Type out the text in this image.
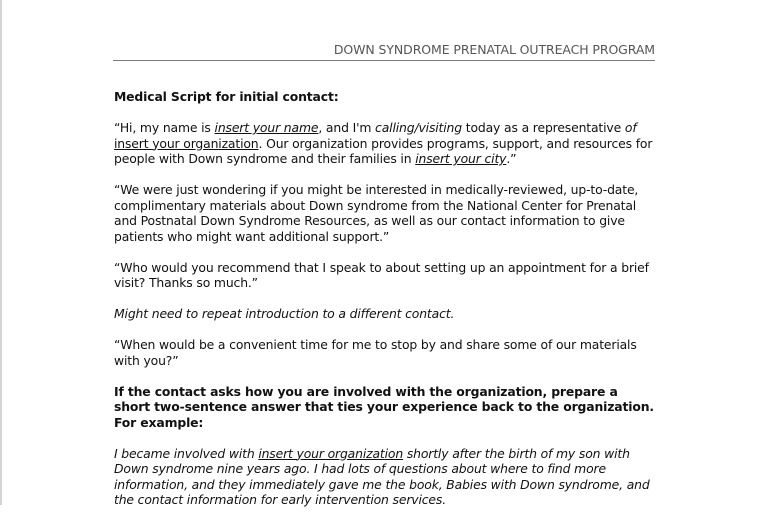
DOWN SYNDROME PRENATAL OUTREACH PROGRAM

Medical Script for initial contact:

“Hi, my name is insert your name, and I'm calling/visiting today as a representative of insert your organization. Our organization provides programs, support, and resources for people with Down syndrome and their families in insert your city.”

“We were just wondering if you might be interested in medically-reviewed, up-to-date, complimentary materials about Down syndrome from the National Center for Prenatal and Postnatal Down Syndrome Resources, as well as our contact information to give patients who might want additional support.”

“Who would you recommend that I speak to about setting up an appointment for a brief visit? Thanks so much.”

Might need to repeat introduction to a different contact.

“When would be a convenient time for me to stop by and share some of our materials with you?”

If the contact asks how you are involved with the organization, prepare a short two-sentence answer that ties your experience back to the organization. For example:

I became involved with insert your organization shortly after the birth of my son with Down syndrome nine years ago. I had lots of questions about where to find more information, and they immediately gave me the book, Babies with Down syndrome, and the contact information for early intervention services.
